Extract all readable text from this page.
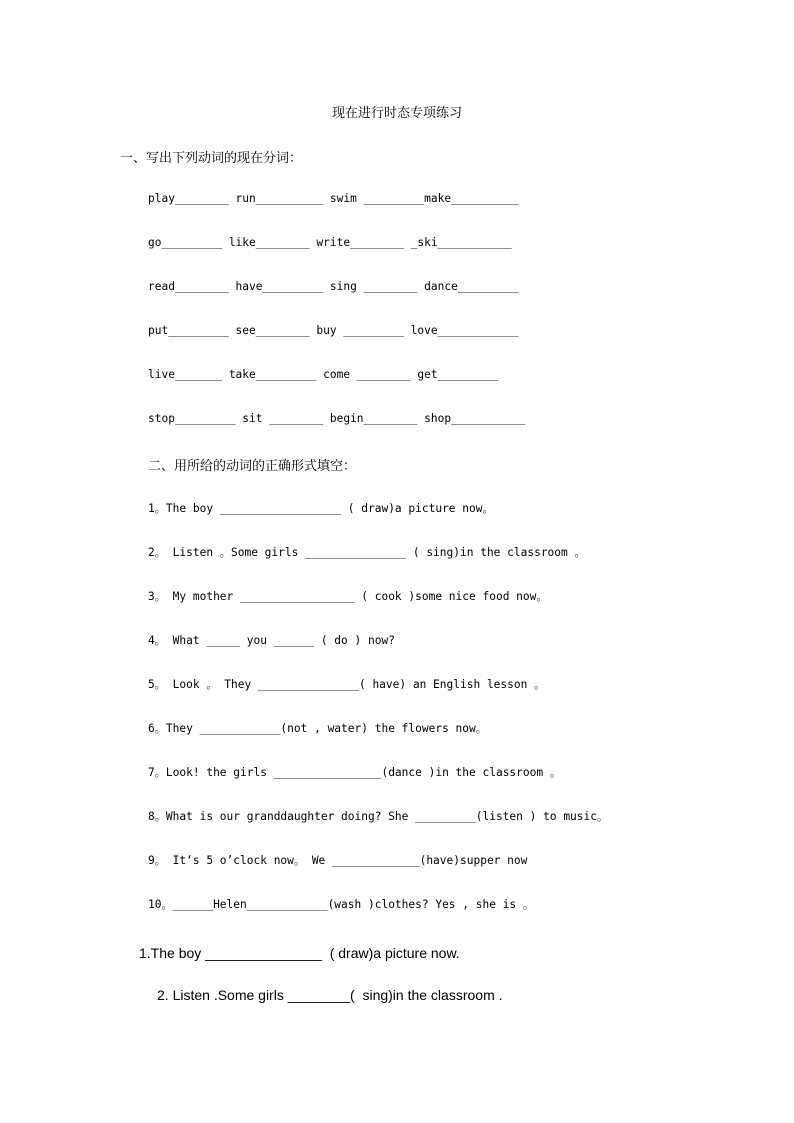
现在进行时态专项练习
一、写出下列动词的现在分词：
play________ run__________ swim _________make__________
go_________ like________ write________ _ski___________
read________ have_________ sing ________ dance_________
put_________ see________ buy _________ love____________
live_______ take_________ come ________ get_________
stop_________ sit ________ begin________ shop___________
二、用所给的动词的正确形式填空：
1。The boy __________________ ( draw)a picture now。
2。 Listen 。Some girls _______________ ( sing)in the classroom 。
3。 My mother _________________ ( cook )some nice food now。
4。 What _____ you ______ ( do ) now?
5。 Look 。 They _______________( have) an English lesson 。
6。They ____________(not , water) the flowers now。
7。Look! the girls ________________(dance )in the classroom 。
8。What is our granddaughter doing? She _________(listen ) to music。
9。 It‘s 5 o’clock now。 We _____________(have)supper now
10。______Helen____________(wash )clothes? Yes , she is 。
1.The boy _______________  ( draw)a picture now.
2. Listen .Some girls ________(  sing)in the classroom .
